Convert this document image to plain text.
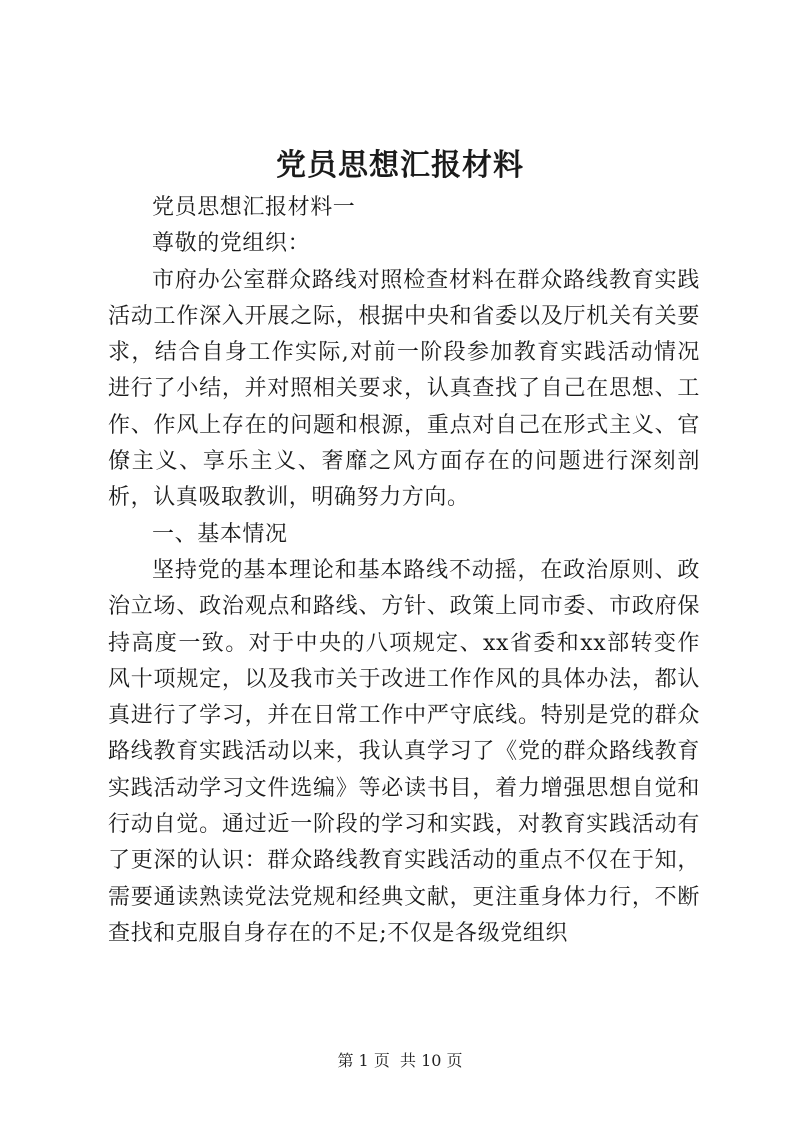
党员思想汇报材料

党员思想汇报材料一

尊敬的党组织：

市府办公室群众路线对照检查材料在群众路线教育实践活动工作深入开展之际，根据中央和省委以及厅机关有关要求，结合自身工作实际,对前一阶段参加教育实践活动情况进行了小结，并对照相关要求，认真查找了自己在思想、工作、作风上存在的问题和根源，重点对自己在形式主义、官僚主义、享乐主义、奢靡之风方面存在的问题进行深刻剖析，认真吸取教训，明确努力方向。

一、基本情况

坚持党的基本理论和基本路线不动摇，在政治原则、政治立场、政治观点和路线、方针、政策上同市委、市政府保持高度一致。对于中央的八项规定、xx省委和xx部转变作风十项规定，以及我市关于改进工作作风的具体办法，都认真进行了学习，并在日常工作中严守底线。特别是党的群众路线教育实践活动以来，我认真学习了《党的群众路线教育实践活动学习文件选编》等必读书目，着力增强思想自觉和行动自觉。通过近一阶段的学习和实践，对教育实践活动有了更深的认识：群众路线教育实践活动的重点不仅在于知，需要通读熟读党法党规和经典文献，更注重身体力行，不断查找和克服自身存在的不足;不仅是各级党组织

第 1 页  共 10 页
